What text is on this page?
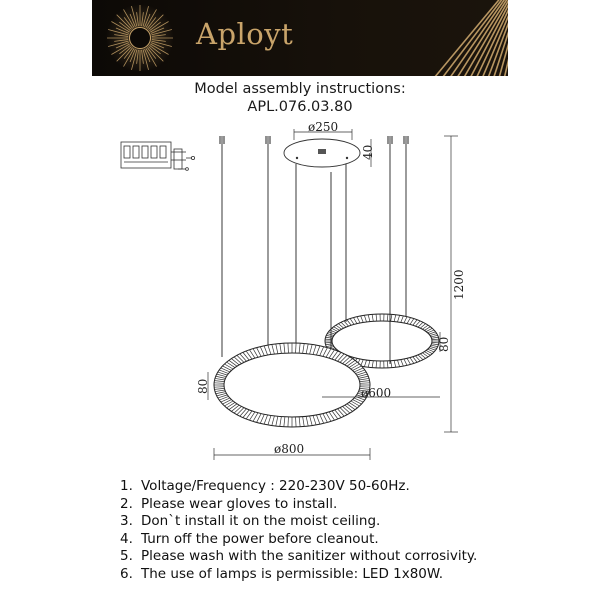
Aployt
Model assembly instructions:
APL.076.03.80
ø250
40
1200
80
80	ø600
ø800
1. Voltage/Frequency : 220-230V 50-60Hz.
2. Please wear gloves to install.
3. Don`t install it on the moist ceiling.
4. Turn off the power before cleanout.
5. Please wash with the sanitizer without corrosivity.
6. The use of lamps is permissible: LED 1x80W.
